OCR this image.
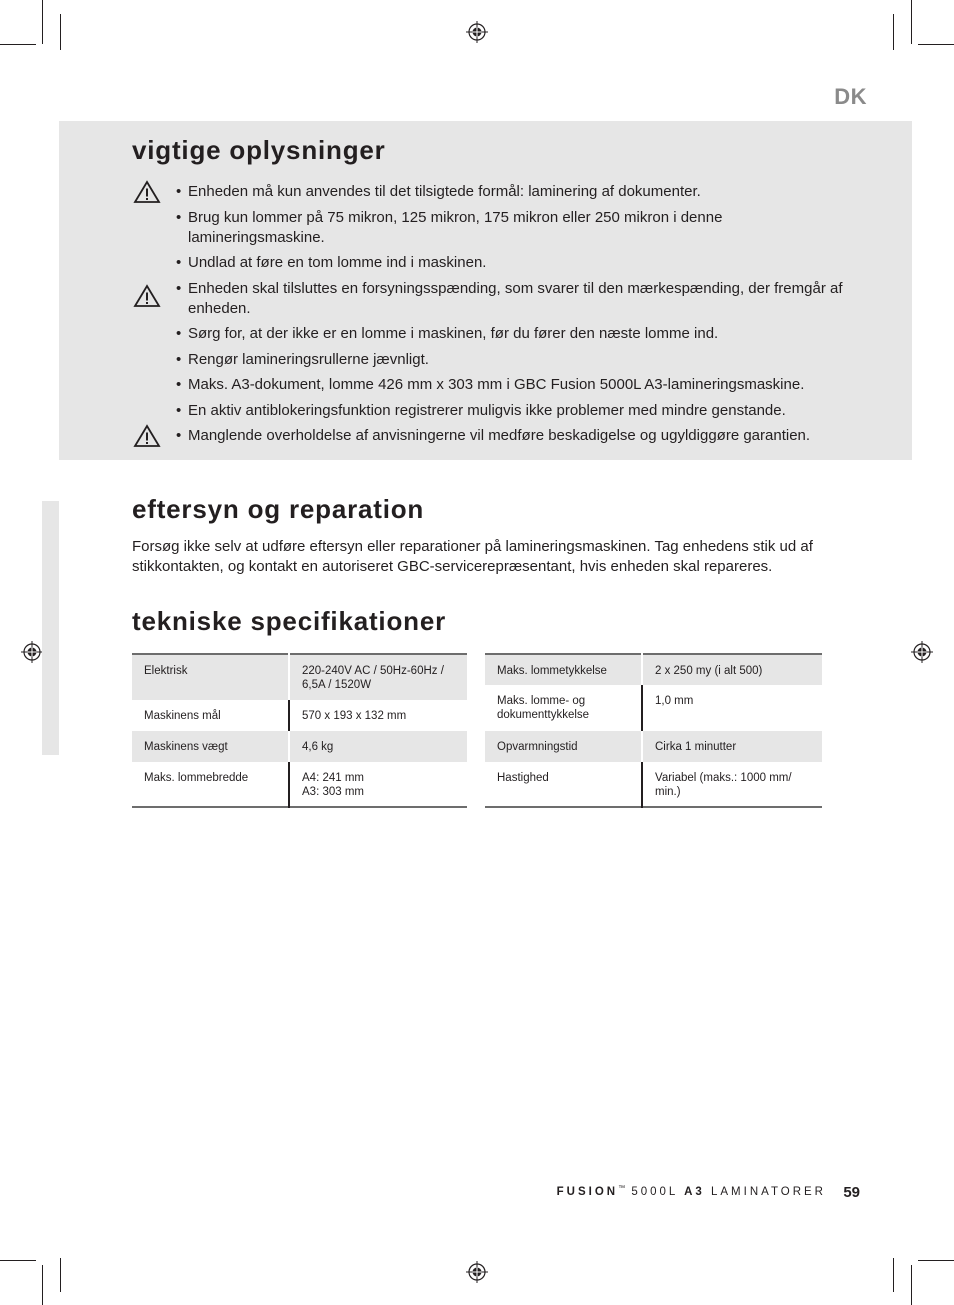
DK
vigtige oplysninger
• Enheden må kun anvendes til det tilsigtede formål: laminering af dokumenter.
• Brug kun lommer på 75 mikron, 125 mikron, 175 mikron eller 250 mikron i denne lamineringsmaskine.
• Undlad at føre en tom lomme ind i maskinen.
• Enheden skal tilsluttes en forsyningsspænding, som svarer til den mærkespænding, der fremgår af enheden.
• Sørg for, at der ikke er en lomme i maskinen, før du fører den næste lomme ind.
• Rengør lamineringsrullerne jævnligt.
• Maks. A3-dokument, lomme 426 mm x 303 mm i GBC Fusion 5000L A3-lamineringsmaskine.
• En aktiv antiblokeringsfunktion registrerer muligvis ikke problemer med mindre genstande.
• Manglende overholdelse af anvisningerne vil medføre beskadigelse og ugyldiggøre garantien.
eftersyn og reparation
Forsøg ikke selv at udføre eftersyn eller reparationer på lamineringsmaskinen. Tag enhedens stik ud af stikkontakten, og kontakt en autoriseret GBC-servicerepræsentant, hvis enheden skal repareres.
tekniske specifikationer
Elektrisk	220-240V AC / 50Hz-60Hz /
6,5A / 1520W
Maskinens mål	570 x 193 x 132 mm
Maskinens vægt	4,6 kg
Maks. lommebredde	A4: 241 mm
A3: 303 mm
Maks. lommetykkelse	2 x 250 my (i alt 500)
Maks. lomme- og
dokumenttykkelse	1,0 mm
Opvarmningstid	Cirka 1 minutter
Hastighed	Variabel (maks.: 1000 mm/
min.)
FUSION™ 5000L A3 LAMINATORER 59
